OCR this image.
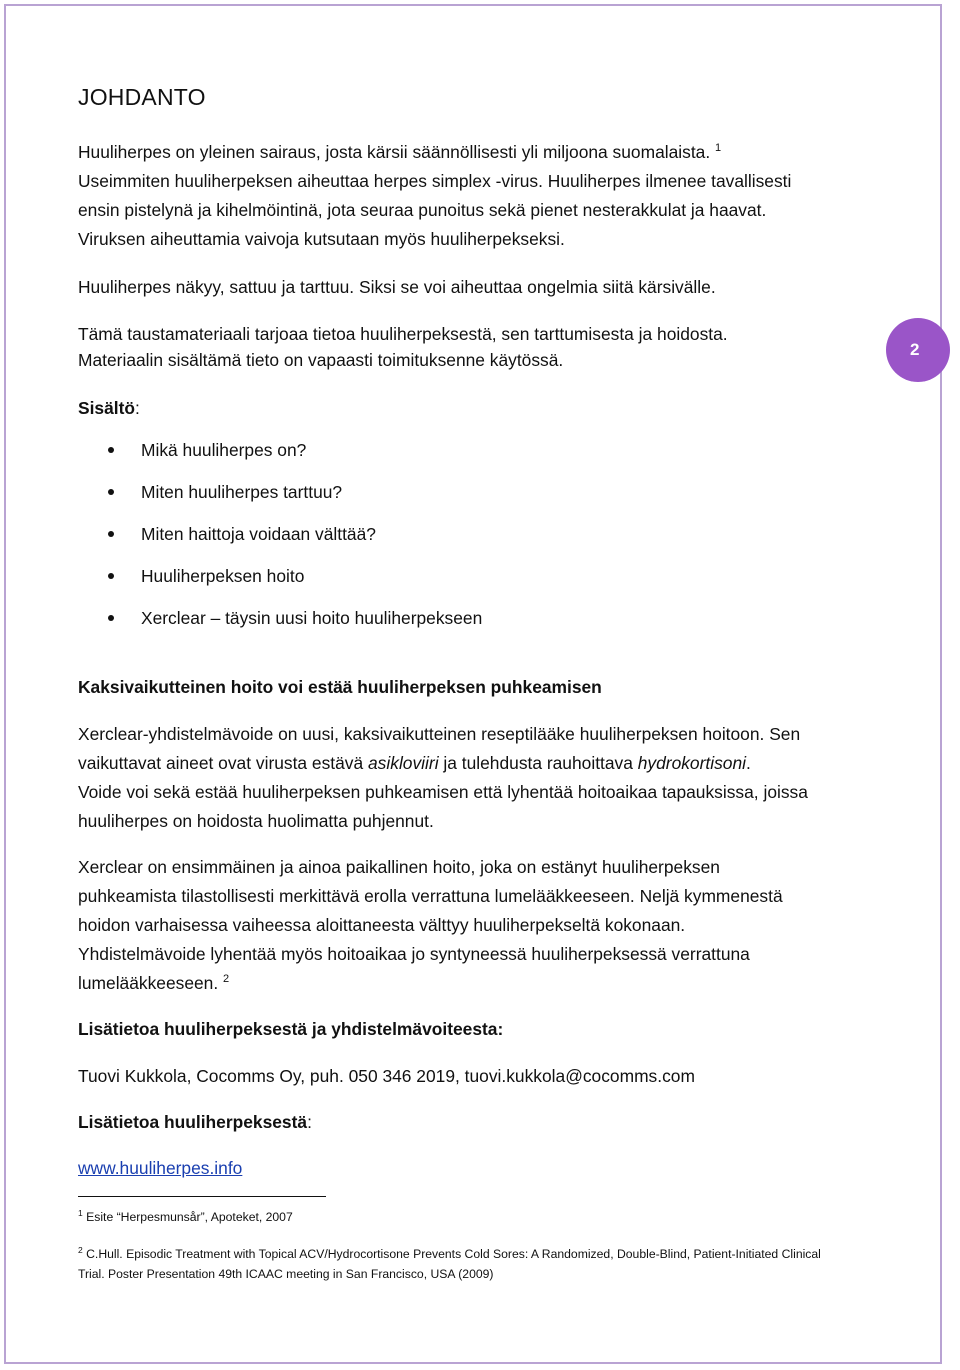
2
JOHDANTO
Huuliherpes on yleinen sairaus, josta kärsii säännöllisesti yli miljoona suomalaista. $^1$
Useimmiten huuliherpeksen aiheuttaa herpes simplex -virus. Huuliherpes ilmenee tavallisesti
ensin pistelynä ja kihelmöintinä, jota seuraa punoitus sekä pienet nesterakkulat ja haavat.
Viruksen aiheuttamia vaivoja kutsutaan myös huuliherpekseksi.
Huuliherpes näkyy, sattuu ja tarttuu. Siksi se voi aiheuttaa ongelmia siitä kärsivälle.
Tämä taustamateriaali tarjoaa tietoa huuliherpeksestä, sen tarttumisesta ja hoidosta.
Materiaalin sisältämä tieto on vapaasti toimituksenne käytössä.
Sisältö:
Mikä huuliherpes on?
Miten huuliherpes tarttuu?
Miten haittoja voidaan välttää?
Huuliherpeksen hoito
Xerclear – täysin uusi hoito huuliherpekseen
Kaksivaikutteinen hoito voi estää huuliherpeksen puhkeamisen
Xerclear-yhdistelmävoide on uusi, kaksivaikutteinen reseptilääke huuliherpeksen hoitoon. Sen
vaikuttavat aineet ovat virusta estävä asikloviiri ja tulehdusta rauhoittava hydrokortisoni.
Voide voi sekä estää huuliherpeksen puhkeamisen että lyhentää hoitoaikaa tapauksissa, joissa
huuliherpes on hoidosta huolimatta puhjennut.
Xerclear on ensimmäinen ja ainoa paikallinen hoito, joka on estänyt huuliherpeksen
puhkeamista tilastollisesti merkittävä erolla verrattuna lumelääkkeeseen. Neljä kymmenestä
hoidon varhaisessa vaiheessa aloittaneesta välttyy huuliherpekseltä kokonaan.
Yhdistelmävoide lyhentää myös hoitoaikaa jo syntyneessä huuliherpeksessä verrattuna
lumelääkkeeseen. $^2$
Lisätietoa huuliherpeksestä ja yhdistelmävoiteesta:
Tuovi Kukkola, Cocomms Oy, puh. 050 346 2019, tuovi.kukkola@cocomms.com
Lisätietoa huuliherpeksestä:
www.huuliherpes.info
$^1$ Esite “Herpesmunsår”, Apoteket, 2007
$^2$ C.Hull. Episodic Treatment with Topical ACV/Hydrocortisone Prevents Cold Sores: A Randomized, Double-Blind, Patient-Initiated Clinical
Trial. Poster Presentation 49th ICAAC meeting in San Francisco, USA (2009)
